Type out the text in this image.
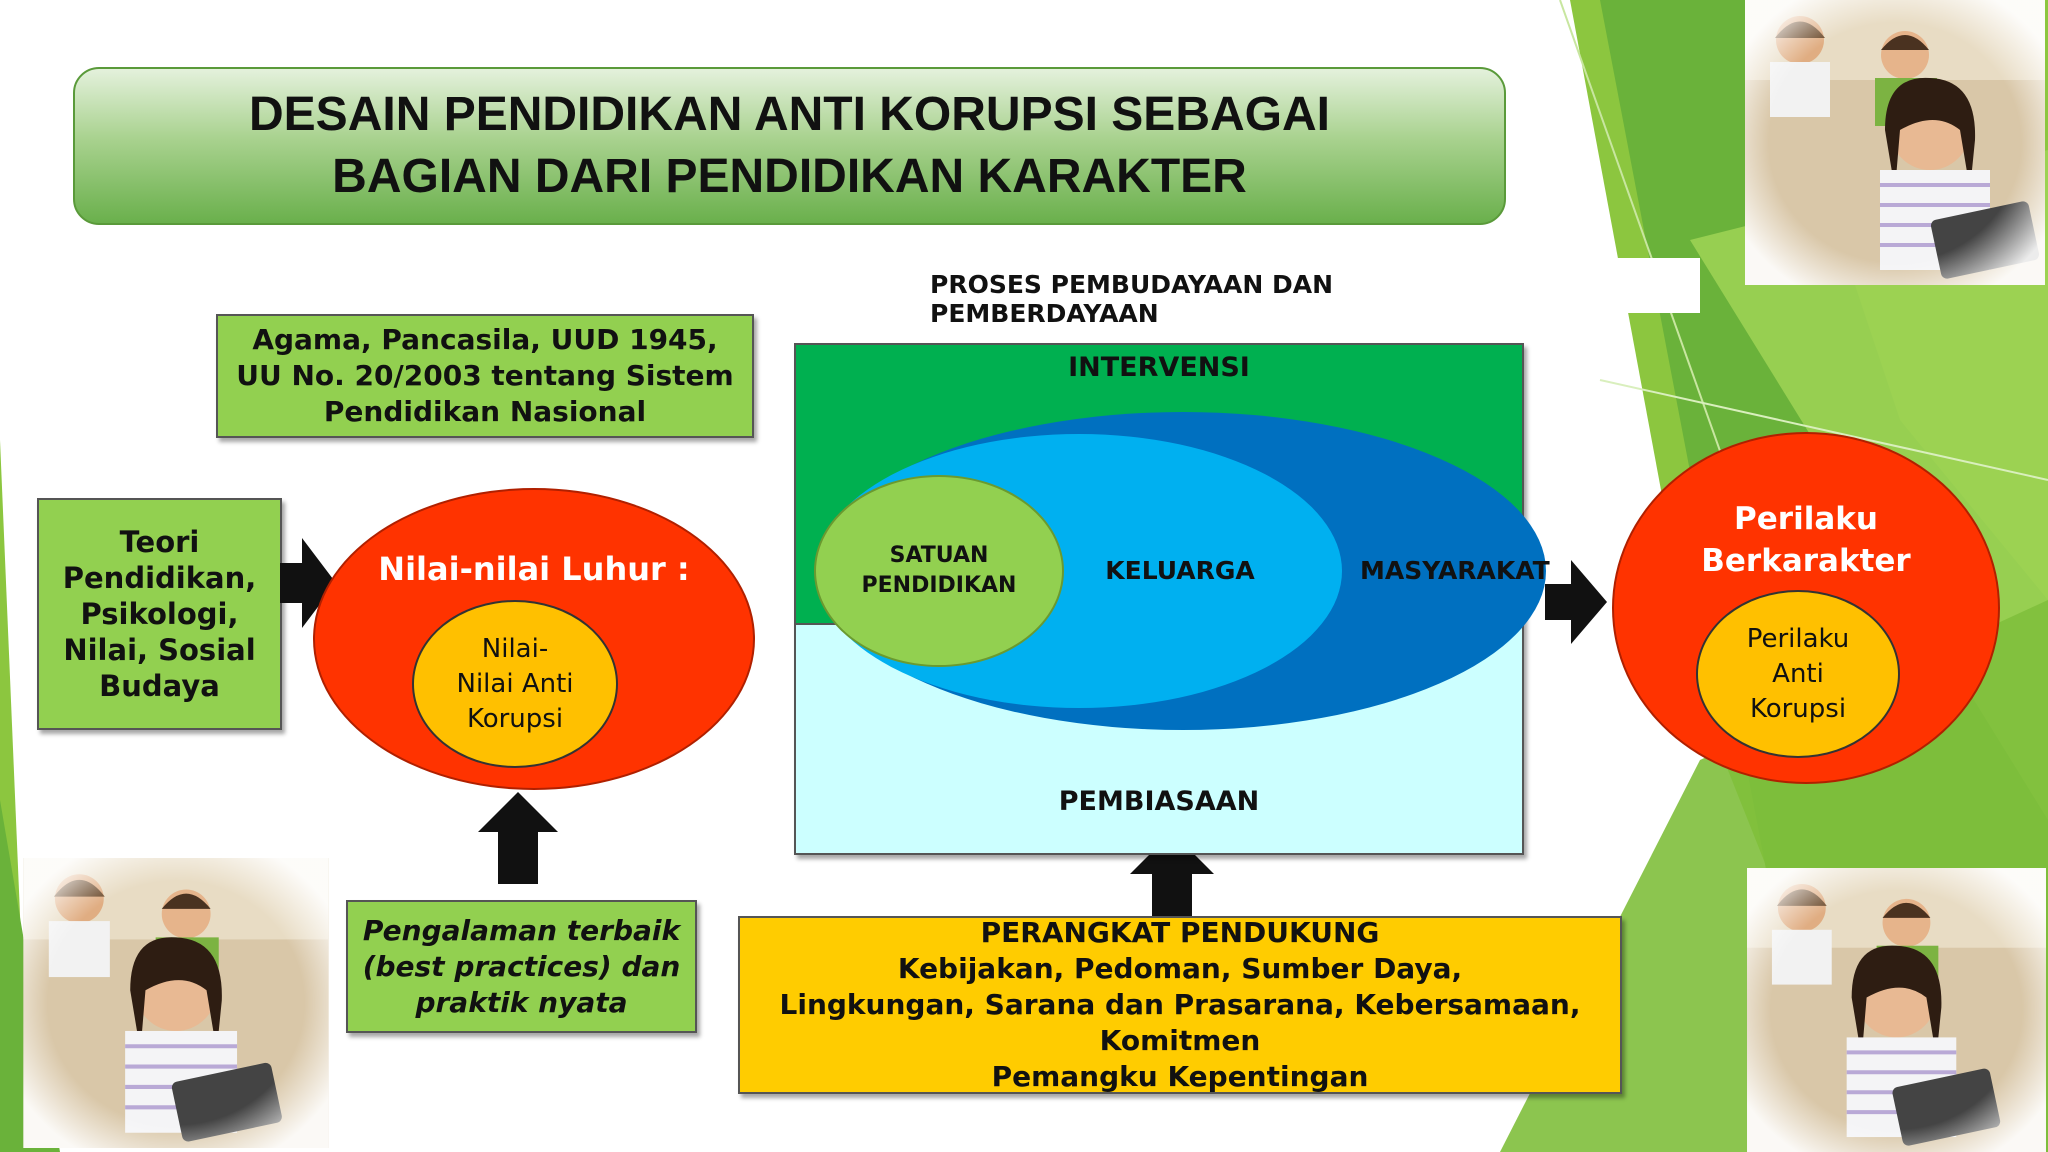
DESAIN PENDIDIKAN ANTI KORUPSI SEBAGAI
BAGIAN DARI PENDIDIKAN KARAKTER
PROSES PEMBUDAYAAN DAN PEMBERDAYAAN
Agama, Pancasila, UUD 1945,
UU No. 20/2003 tentang Sistem
Pendidikan Nasional
Teori
Pendidikan,
Psikologi,
Nilai, Sosial
Budaya
Nilai-nilai Luhur :
Nilai-
Nilai Anti
Korupsi
Pengalaman terbaik
(best practices) dan
praktik nyata
INTERVENSI
PEMBIASAAN
SATUAN
PENDIDIKAN
KELUARGA	MASYARAKAT
PERANGKAT PENDUKUNG
Kebijakan, Pedoman, Sumber Daya,
Lingkungan, Sarana dan Prasarana, Kebersamaan, Komitmen
Pemangku Kepentingan
Perilaku
Berkarakter
Perilaku
Anti
Korupsi
